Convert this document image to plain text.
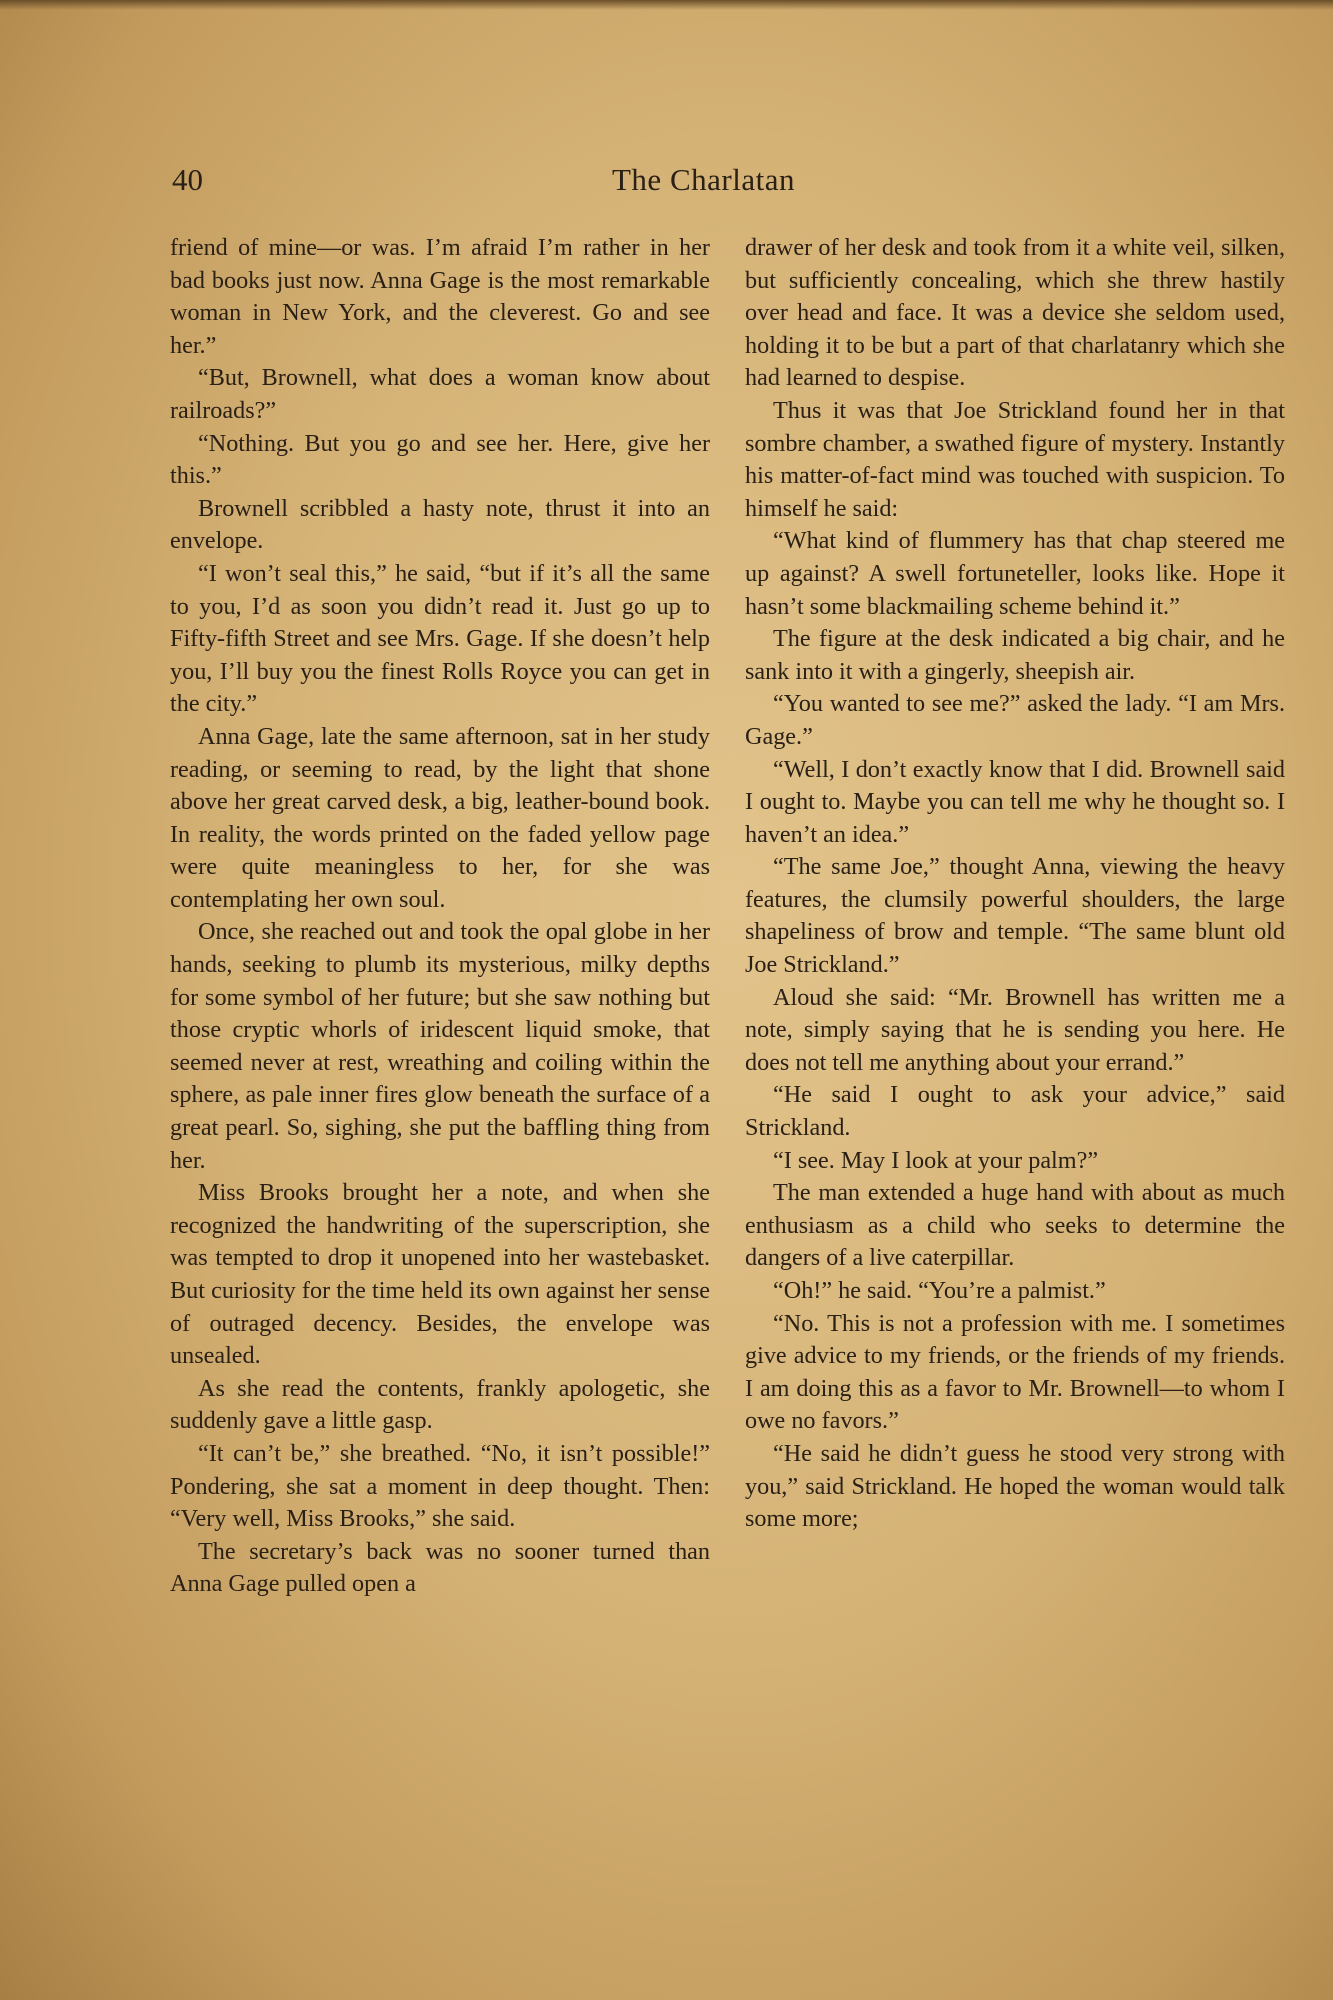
40	The Charlatan

friend of mine—or was. I’m afraid I’m rather in her bad books just now. Anna Gage is the most remarkable woman in New York, and the cleverest. Go and see her.”

“But, Brownell, what does a woman know about railroads?”

“Nothing. But you go and see her. Here, give her this.”

Brownell scribbled a hasty note, thrust it into an envelope.

“I won’t seal this,” he said, “but if it’s all the same to you, I’d as soon you didn’t read it. Just go up to Fifty-fifth Street and see Mrs. Gage. If she doesn’t help you, I’ll buy you the finest Rolls Royce you can get in the city.”

Anna Gage, late the same afternoon, sat in her study reading, or seeming to read, by the light that shone above her great carved desk, a big, leather-bound book. In reality, the words printed on the faded yellow page were quite meaningless to her, for she was contemplating her own soul.

Once, she reached out and took the opal globe in her hands, seeking to plumb its mysterious, milky depths for some symbol of her future; but she saw nothing but those cryptic whorls of iridescent liquid smoke, that seemed never at rest, wreathing and coiling within the sphere, as pale inner fires glow beneath the surface of a great pearl. So, sighing, she put the baffling thing from her.

Miss Brooks brought her a note, and when she recognized the handwriting of the superscription, she was tempted to drop it unopened into her wastebasket. But curiosity for the time held its own against her sense of outraged decency. Besides, the envelope was unsealed.

As she read the contents, frankly apologetic, she suddenly gave a little gasp.

“It can’t be,” she breathed. “No, it isn’t possible!” Pondering, she sat a moment in deep thought. Then: “Very well, Miss Brooks,” she said.

The secretary’s back was no sooner turned than Anna Gage pulled open a

drawer of her desk and took from it a white veil, silken, but sufficiently concealing, which she threw hastily over head and face. It was a device she seldom used, holding it to be but a part of that charlatanry which she had learned to despise.

Thus it was that Joe Strickland found her in that sombre chamber, a swathed figure of mystery. Instantly his matter-of-fact mind was touched with suspicion. To himself he said:

“What kind of flummery has that chap steered me up against? A swell fortuneteller, looks like. Hope it hasn’t some blackmailing scheme behind it.”

The figure at the desk indicated a big chair, and he sank into it with a gingerly, sheepish air.

“You wanted to see me?” asked the lady. “I am Mrs. Gage.”

“Well, I don’t exactly know that I did. Brownell said I ought to. Maybe you can tell me why he thought so. I haven’t an idea.”

“The same Joe,” thought Anna, viewing the heavy features, the clumsily powerful shoulders, the large shapeliness of brow and temple. “The same blunt old Joe Strickland.”

Aloud she said: “Mr. Brownell has written me a note, simply saying that he is sending you here. He does not tell me anything about your errand.”

“He said I ought to ask your advice,” said Strickland.

“I see. May I look at your palm?”

The man extended a huge hand with about as much enthusiasm as a child who seeks to determine the dangers of a live caterpillar.

“Oh!” he said. “You’re a palmist.”

“No. This is not a profession with me. I sometimes give advice to my friends, or the friends of my friends. I am doing this as a favor to Mr. Brownell—to whom I owe no favors.”

“He said he didn’t guess he stood very strong with you,” said Strickland. He hoped the woman would talk some more;
